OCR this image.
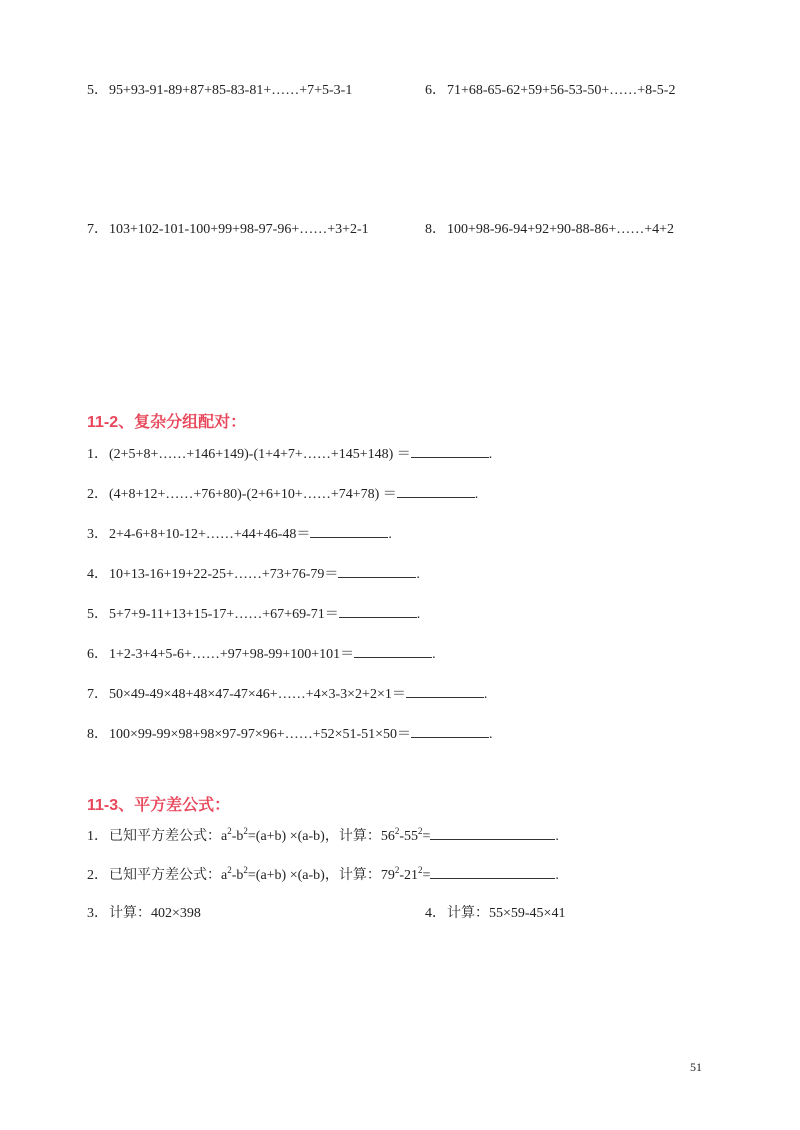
5．95+93-91-89+87+85-83-81+……+7+5-3-1	6．71+68-65-62+59+56-53-50+……+8-5-2
7．103+102-101-100+99+98-97-96+……+3+2-1	8．100+98-96-94+92+90-88-86+……+4+2
11-2、复杂分组配对：
1．(2+5+8+……+146+149)-(1+4+7+……+145+148) ＝	.
2．(4+8+12+……+76+80)-(2+6+10+……+74+78) ＝	.
3．2+4-6+8+10-12+……+44+46-48＝	.
4．10+13-16+19+22-25+……+73+76-79＝	.
5．5+7+9-11+13+15-17+……+67+69-71＝	.
6．1+2-3+4+5-6+……+97+98-99+100+101＝	.
7．50×49-49×48+48×47-47×46+……+4×3-3×2+2×1＝	.
8．100×99-99×98+98×97-97×96+……+52×51-51×50＝	.
11-3、平方差公式：
1．已知平方差公式：$a^2-b^2=(a+b) \times(a-b)$，计算：$56^2-55^2=$	.
2．已知平方差公式：$a^2-b^2=(a+b) \times(a-b)$，计算：$79^2-21^2=$	.
3．计算：402×398	4．计算：55×59-45×41
51
